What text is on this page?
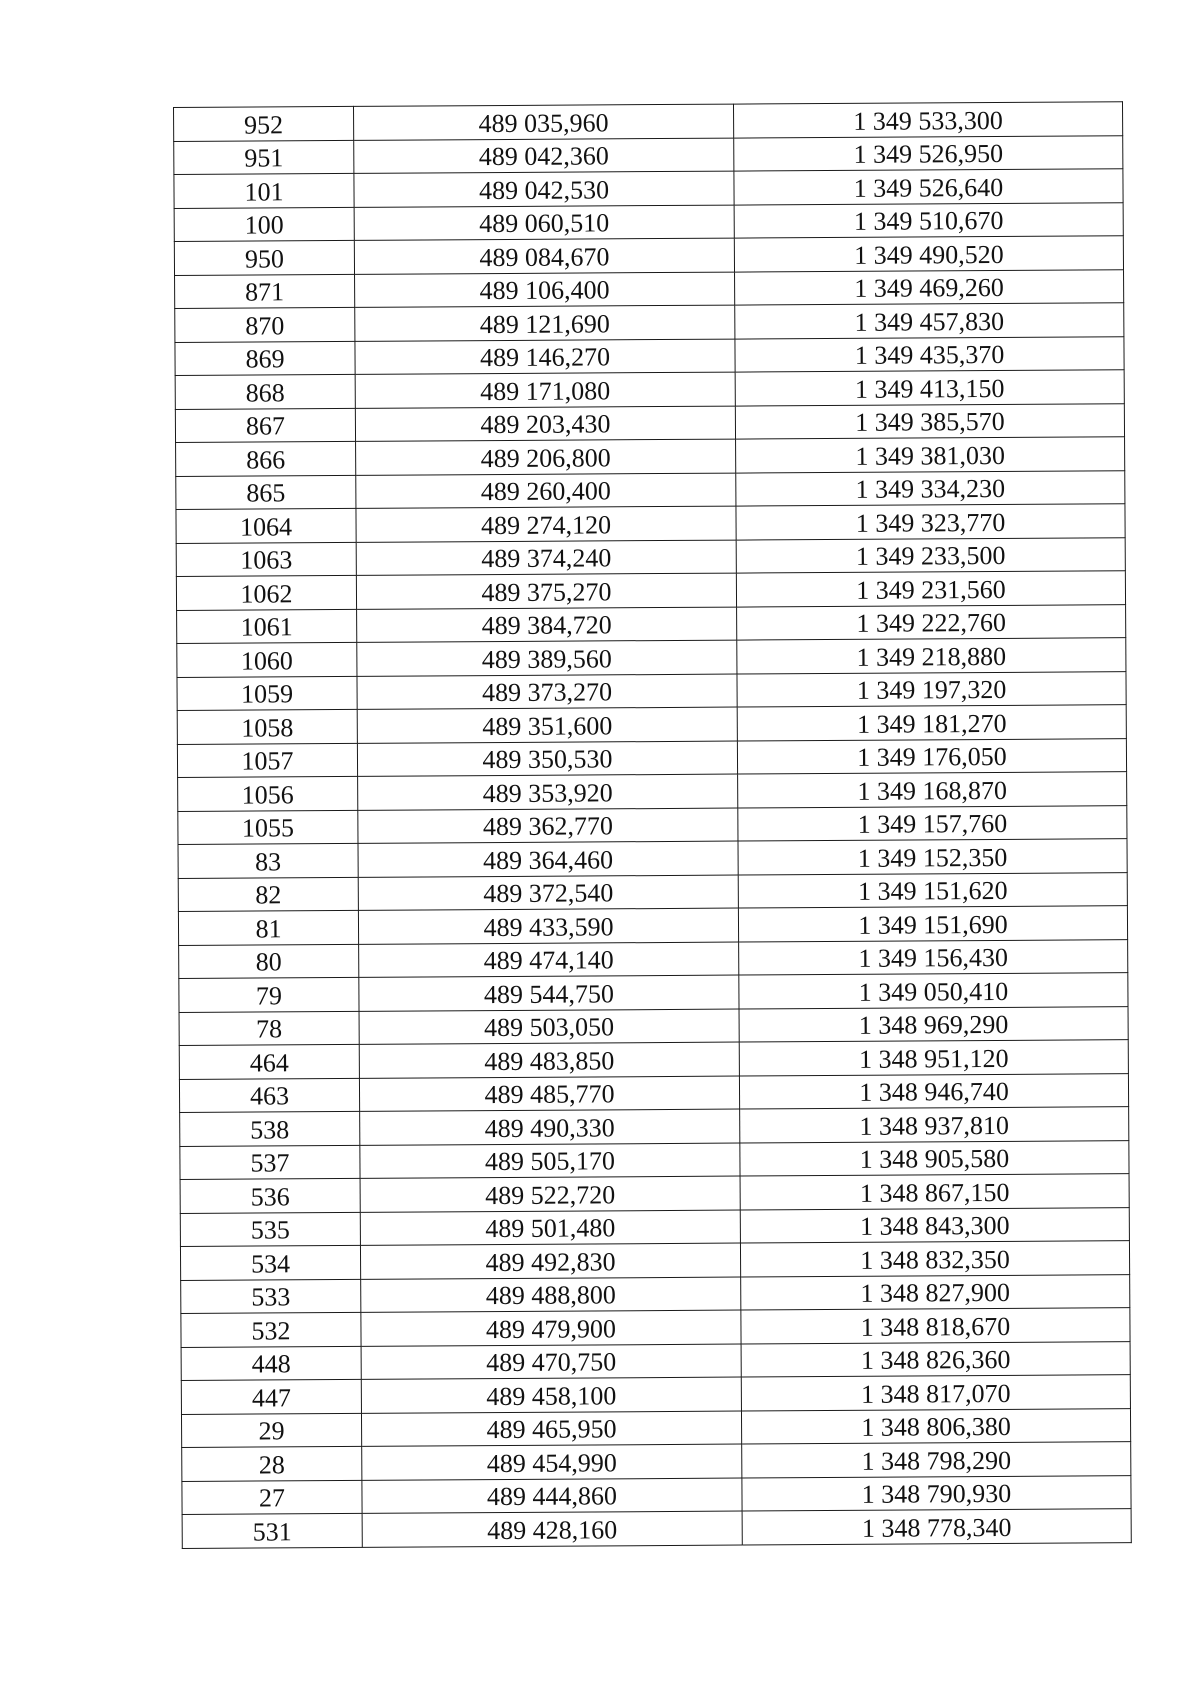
952	489 035,960	1 349 533,300
951	489 042,360	1 349 526,950
101	489 042,530	1 349 526,640
100	489 060,510	1 349 510,670
950	489 084,670	1 349 490,520
871	489 106,400	1 349 469,260
870	489 121,690	1 349 457,830
869	489 146,270	1 349 435,370
868	489 171,080	1 349 413,150
867	489 203,430	1 349 385,570
866	489 206,800	1 349 381,030
865	489 260,400	1 349 334,230
1064	489 274,120	1 349 323,770
1063	489 374,240	1 349 233,500
1062	489 375,270	1 349 231,560
1061	489 384,720	1 349 222,760
1060	489 389,560	1 349 218,880
1059	489 373,270	1 349 197,320
1058	489 351,600	1 349 181,270
1057	489 350,530	1 349 176,050
1056	489 353,920	1 349 168,870
1055	489 362,770	1 349 157,760
83	489 364,460	1 349 152,350
82	489 372,540	1 349 151,620
81	489 433,590	1 349 151,690
80	489 474,140	1 349 156,430
79	489 544,750	1 349 050,410
78	489 503,050	1 348 969,290
464	489 483,850	1 348 951,120
463	489 485,770	1 348 946,740
538	489 490,330	1 348 937,810
537	489 505,170	1 348 905,580
536	489 522,720	1 348 867,150
535	489 501,480	1 348 843,300
534	489 492,830	1 348 832,350
533	489 488,800	1 348 827,900
532	489 479,900	1 348 818,670
448	489 470,750	1 348 826,360
447	489 458,100	1 348 817,070
29	489 465,950	1 348 806,380
28	489 454,990	1 348 798,290
27	489 444,860	1 348 790,930
531	489 428,160	1 348 778,340
